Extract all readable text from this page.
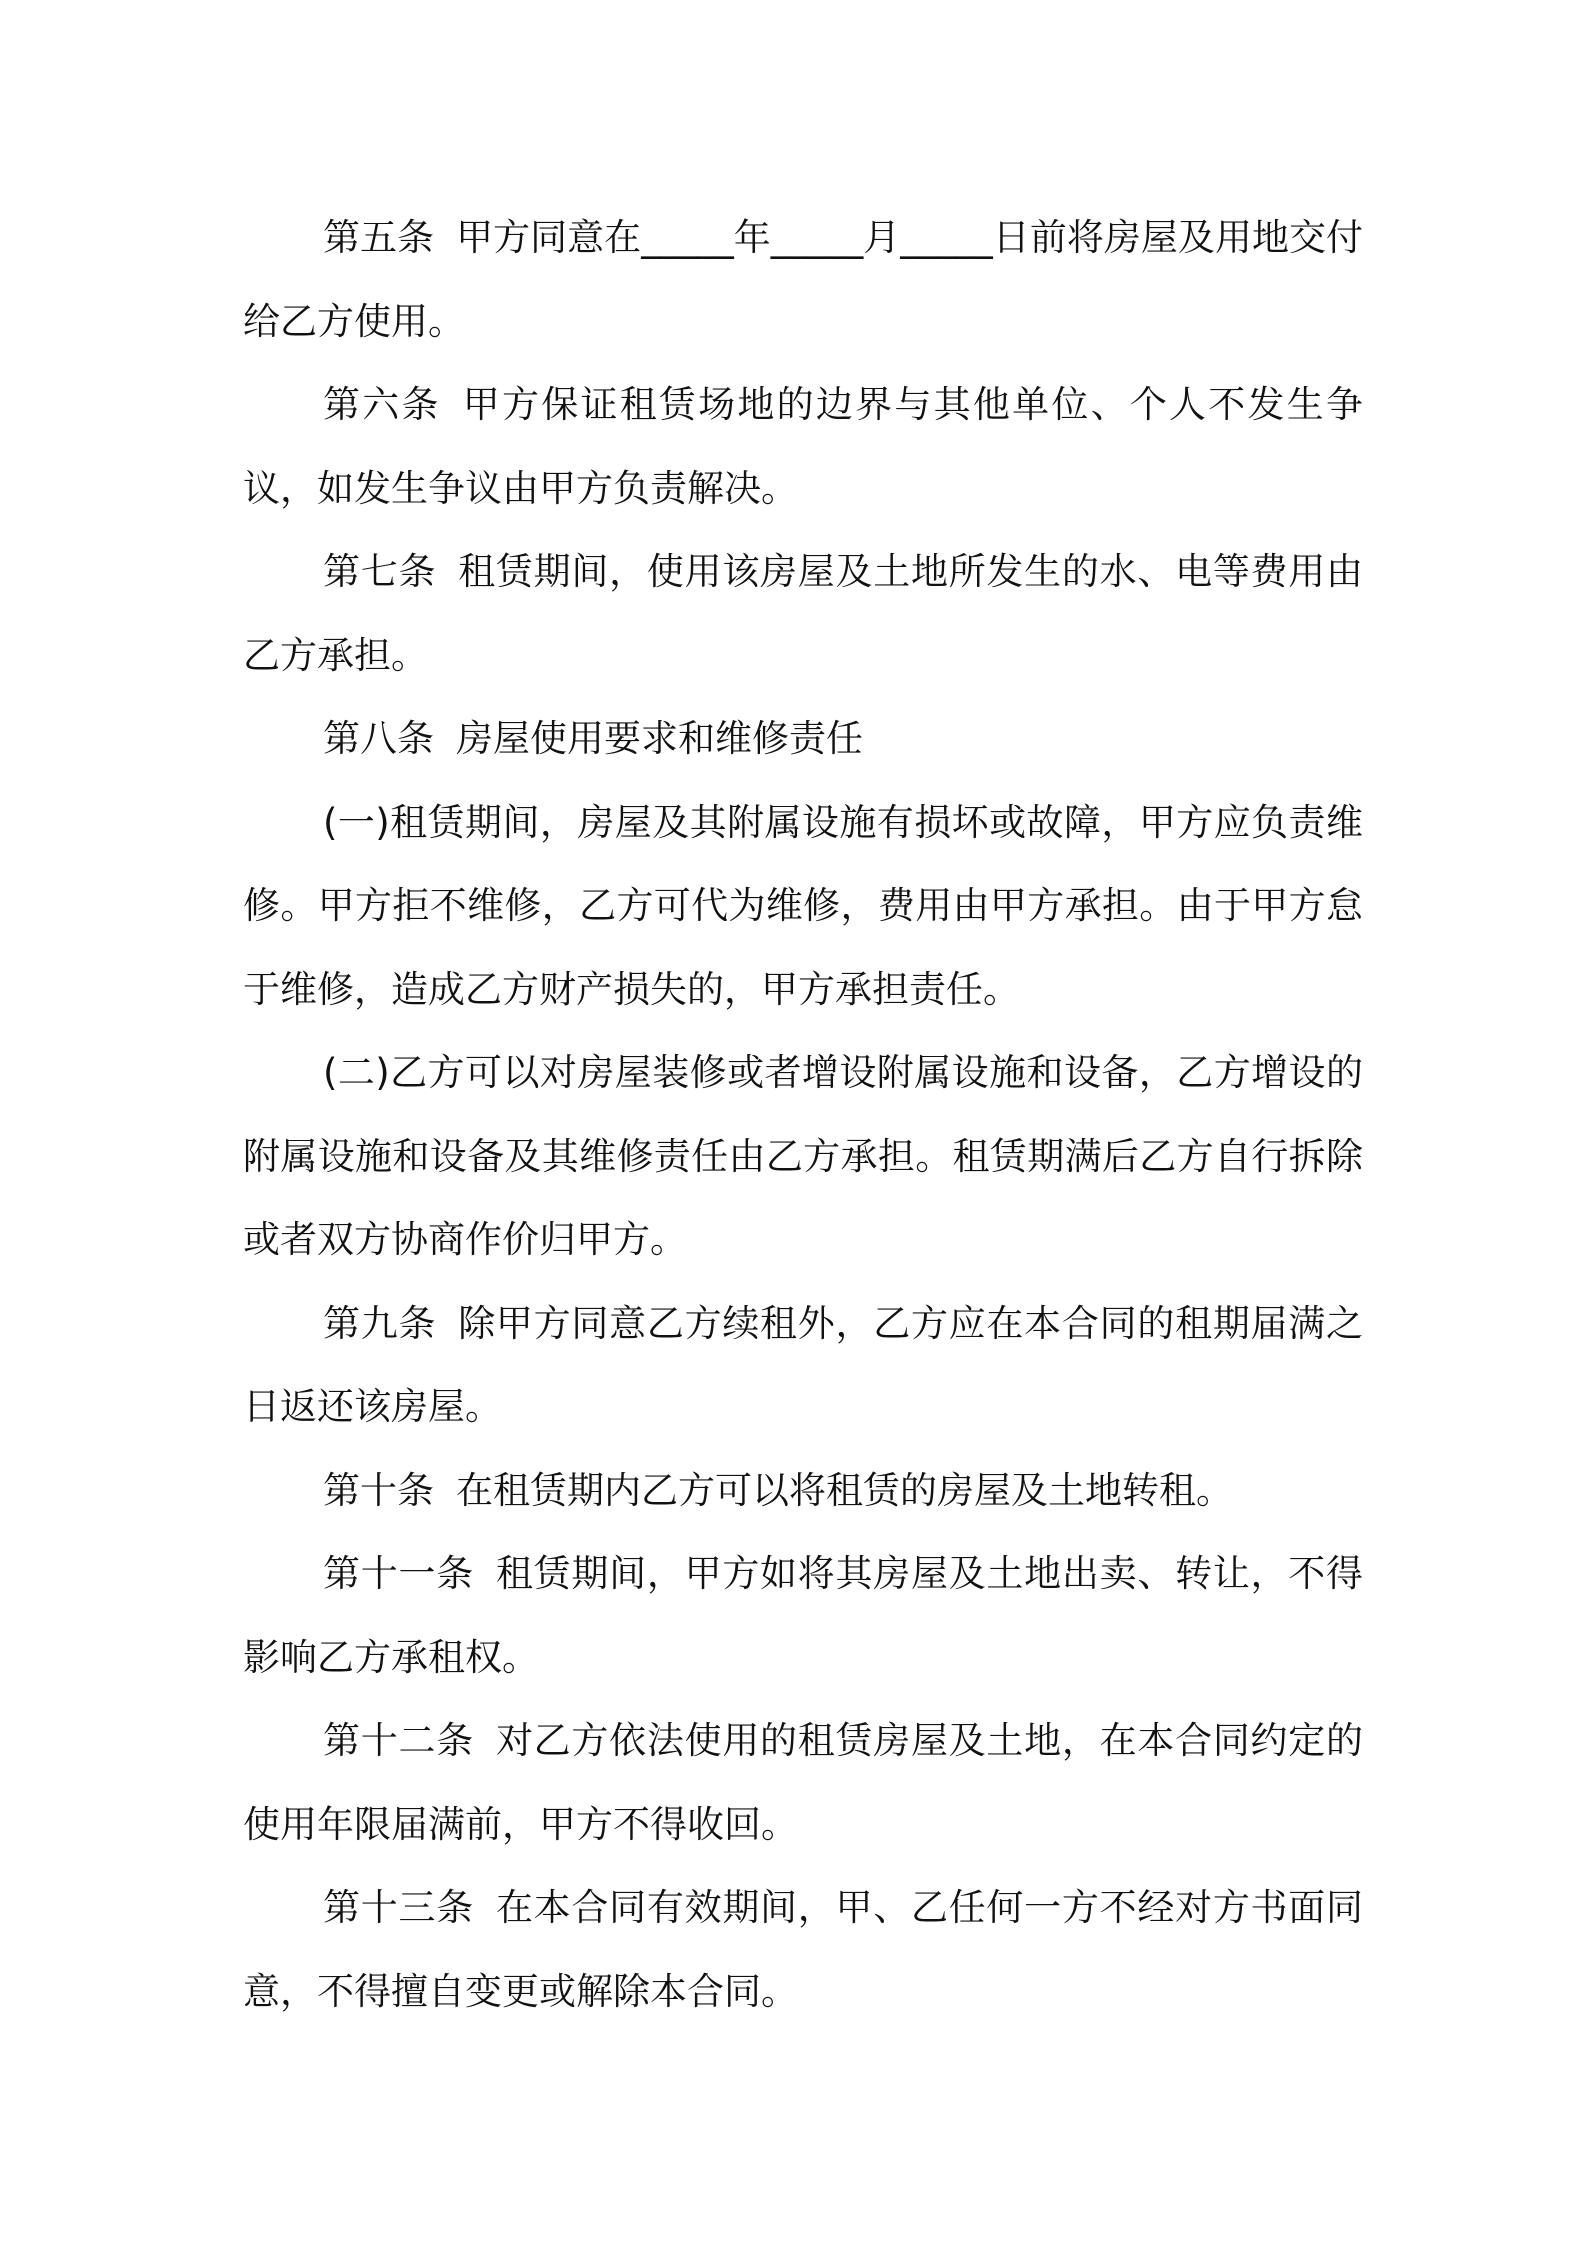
第五条 甲方同意在_____年_____月_____日前将房屋及用地交付给乙方使用。

第六条 甲方保证租赁场地的边界与其他单位、个人不发生争议，如发生争议由甲方负责解决。

第七条 租赁期间，使用该房屋及土地所发生的水、电等费用由乙方承担。

第八条 房屋使用要求和维修责任

(一)租赁期间，房屋及其附属设施有损坏或故障，甲方应负责维修。甲方拒不维修，乙方可代为维修，费用由甲方承担。由于甲方怠于维修，造成乙方财产损失的，甲方承担责任。

(二)乙方可以对房屋装修或者增设附属设施和设备，乙方增设的附属设施和设备及其维修责任由乙方承担。租赁期满后乙方自行拆除或者双方协商作价归甲方。

第九条 除甲方同意乙方续租外，乙方应在本合同的租期届满之日返还该房屋。

第十条 在租赁期内乙方可以将租赁的房屋及土地转租。

第十一条 租赁期间，甲方如将其房屋及土地出卖、转让，不得影响乙方承租权。

第十二条 对乙方依法使用的租赁房屋及土地，在本合同约定的使用年限届满前，甲方不得收回。

第十三条 在本合同有效期间，甲、乙任何一方不经对方书面同意，不得擅自变更或解除本合同。
